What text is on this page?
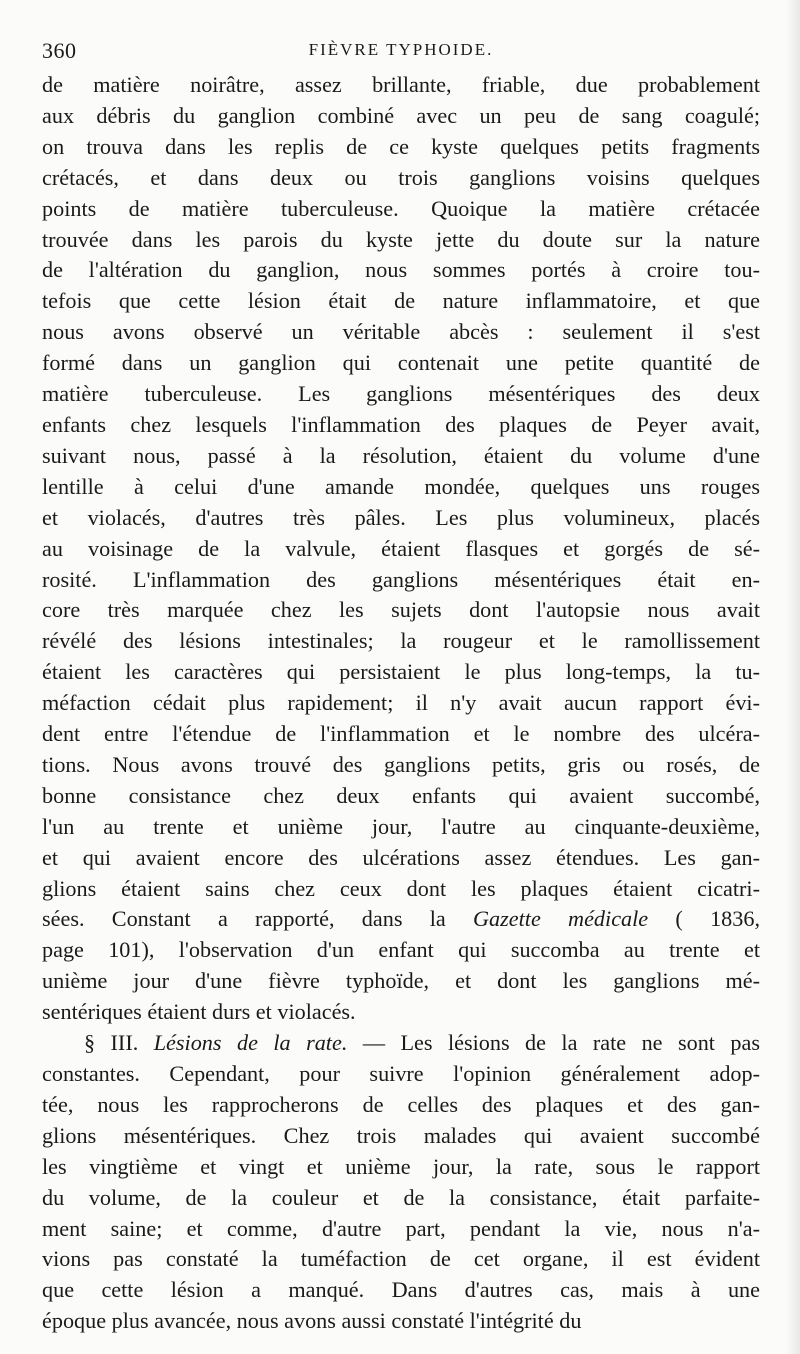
360	FIÈVRE TYPHOIDE.
de matière noirâtre, assez brillante, friable, due probablement
aux débris du ganglion combiné avec un peu de sang coagulé;
on trouva dans les replis de ce kyste quelques petits fragments
crétacés, et dans deux ou trois ganglions voisins quelques
points de matière tuberculeuse. Quoique la matière crétacée
trouvée dans les parois du kyste jette du doute sur la nature
de l'altération du ganglion, nous sommes portés à croire tou-
tefois que cette lésion était de nature inflammatoire, et que
nous avons observé un véritable abcès : seulement il s'est
formé dans un ganglion qui contenait une petite quantité de
matière tuberculeuse. Les ganglions mésentériques des deux
enfants chez lesquels l'inflammation des plaques de Peyer avait,
suivant nous, passé à la résolution, étaient du volume d'une
lentille à celui d'une amande mondée, quelques uns rouges
et violacés, d'autres très pâles. Les plus volumineux, placés
au voisinage de la valvule, étaient flasques et gorgés de sé-
rosité. L'inflammation des ganglions mésentériques était en-
core très marquée chez les sujets dont l'autopsie nous avait
révélé des lésions intestinales; la rougeur et le ramollissement
étaient les caractères qui persistaient le plus long-temps, la tu-
méfaction cédait plus rapidement; il n'y avait aucun rapport évi-
dent entre l'étendue de l'inflammation et le nombre des ulcéra-
tions. Nous avons trouvé des ganglions petits, gris ou rosés, de
bonne consistance chez deux enfants qui avaient succombé,
l'un au trente et unième jour, l'autre au cinquante-deuxième,
et qui avaient encore des ulcérations assez étendues. Les gan-
glions étaient sains chez ceux dont les plaques étaient cicatri-
sées. Constant a rapporté, dans la Gazette médicale ( 1836,
page 101), l'observation d'un enfant qui succomba au trente et
unième jour d'une fièvre typhoïde, et dont les ganglions mé-
sentériques étaient durs et violacés.
§ III. Lésions de la rate. — Les lésions de la rate ne sont pas
constantes. Cependant, pour suivre l'opinion généralement adop-
tée, nous les rapprocherons de celles des plaques et des gan-
glions mésentériques. Chez trois malades qui avaient succombé
les vingtième et vingt et unième jour, la rate, sous le rapport
du volume, de la couleur et de la consistance, était parfaite-
ment saine; et comme, d'autre part, pendant la vie, nous n'a-
vions pas constaté la tuméfaction de cet organe, il est évident
que cette lésion a manqué. Dans d'autres cas, mais à une
époque plus avancée, nous avons aussi constaté l'intégrité du
